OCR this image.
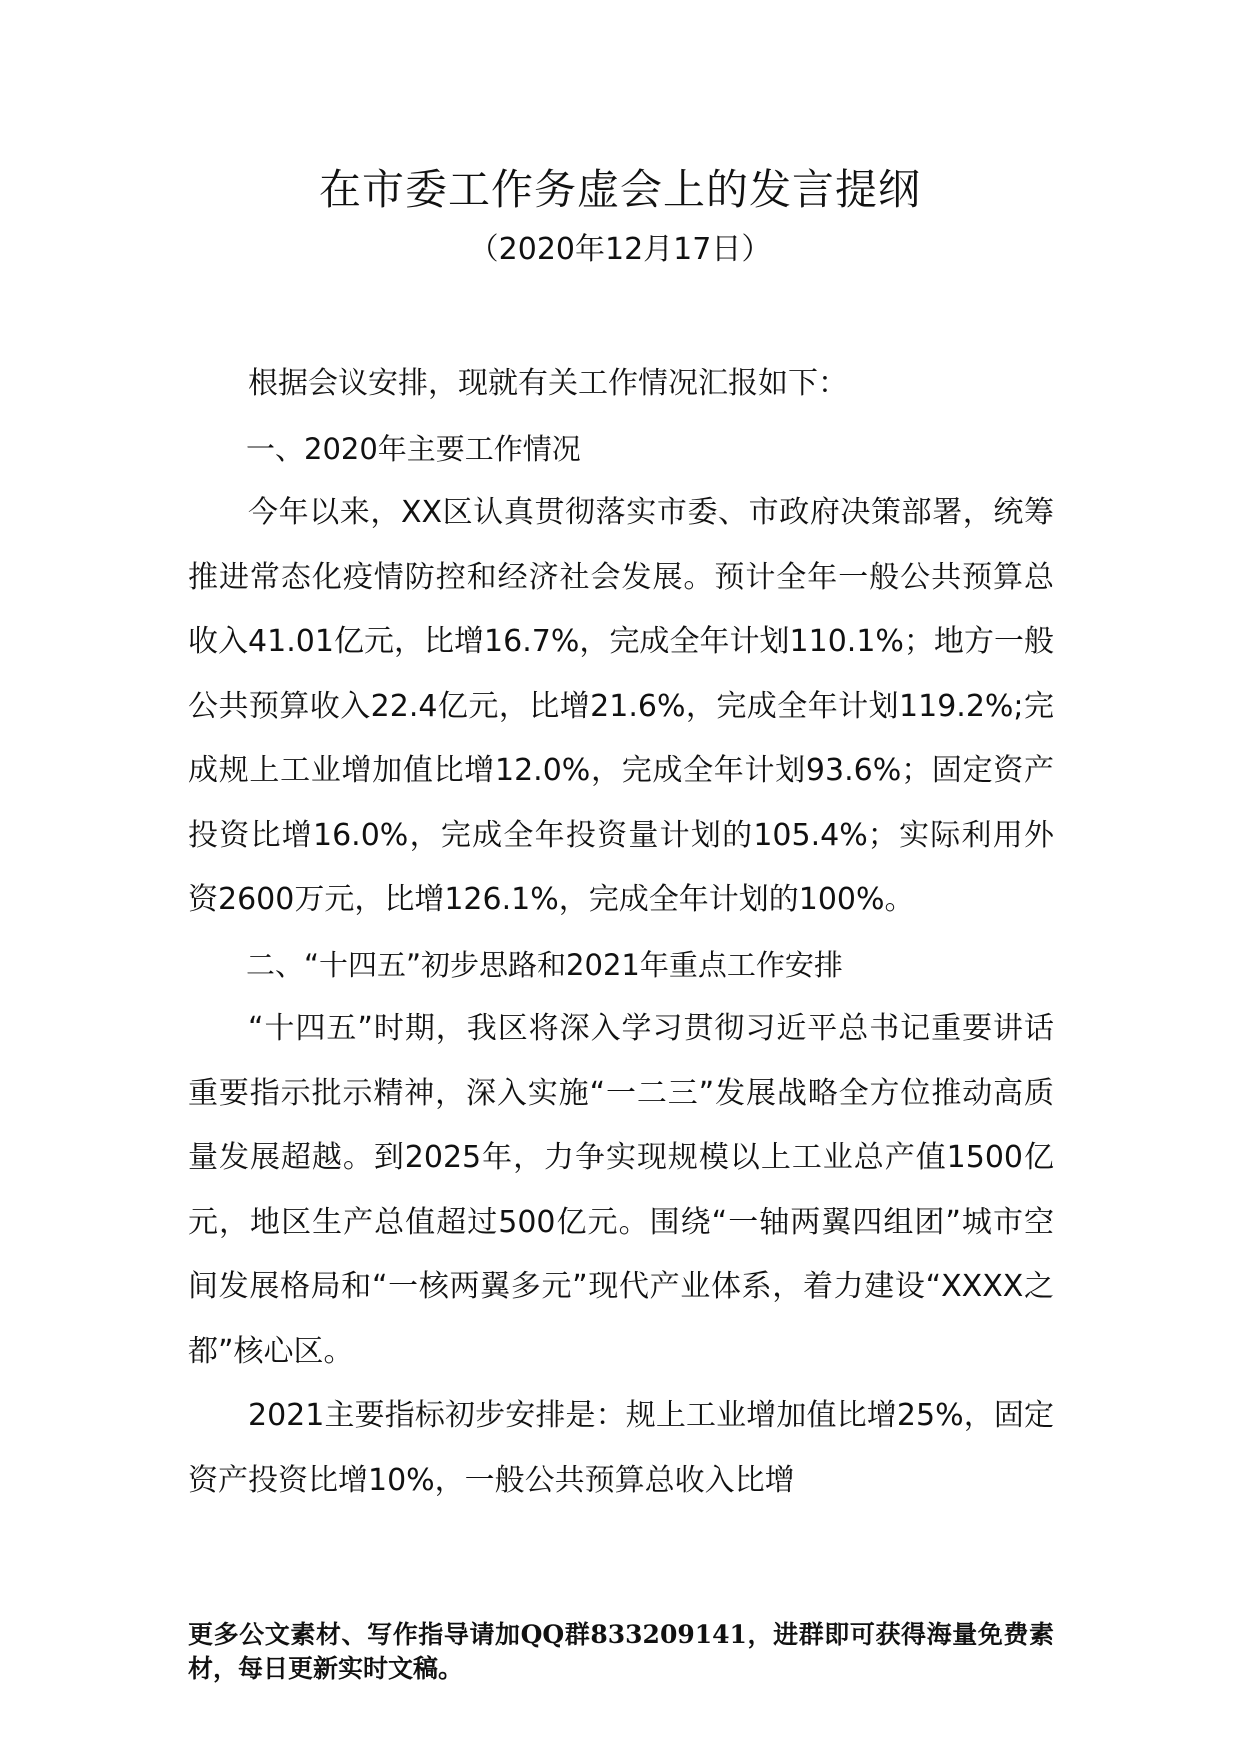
在市委工作务虚会上的发言提纲
（2020年12月17日）

根据会议安排，现就有关工作情况汇报如下：

一、2020年主要工作情况

今年以来，XX区认真贯彻落实市委、市政府决策部署，统筹推进常态化疫情防控和经济社会发展。预计全年一般公共预算总收入41.01亿元，比增16.7%，完成全年计划110.1%；地方一般公共预算收入22.4亿元，比增21.6%，完成全年计划119.2%;完成规上工业增加值比增12.0%，完成全年计划93.6%；固定资产投资比增16.0%，完成全年投资量计划的105.4%；实际利用外资2600万元，比增126.1%，完成全年计划的100%。

二、“十四五”初步思路和2021年重点工作安排

“十四五”时期，我区将深入学习贯彻习近平总书记重要讲话重要指示批示精神，深入实施“一二三”发展战略全方位推动高质量发展超越。到2025年，力争实现规模以上工业总产值1500亿元，地区生产总值超过500亿元。围绕“一轴两翼四组团”城市空间发展格局和“一核两翼多元”现代产业体系，着力建设“XXXX之都”核心区。

2021主要指标初步安排是：规上工业增加值比增25%，固定资产投资比增10%，一般公共预算总收入比增

更多公文素材、写作指导请加QQ群833209141，进群即可获得海量免费素材，每日更新实时文稿。
